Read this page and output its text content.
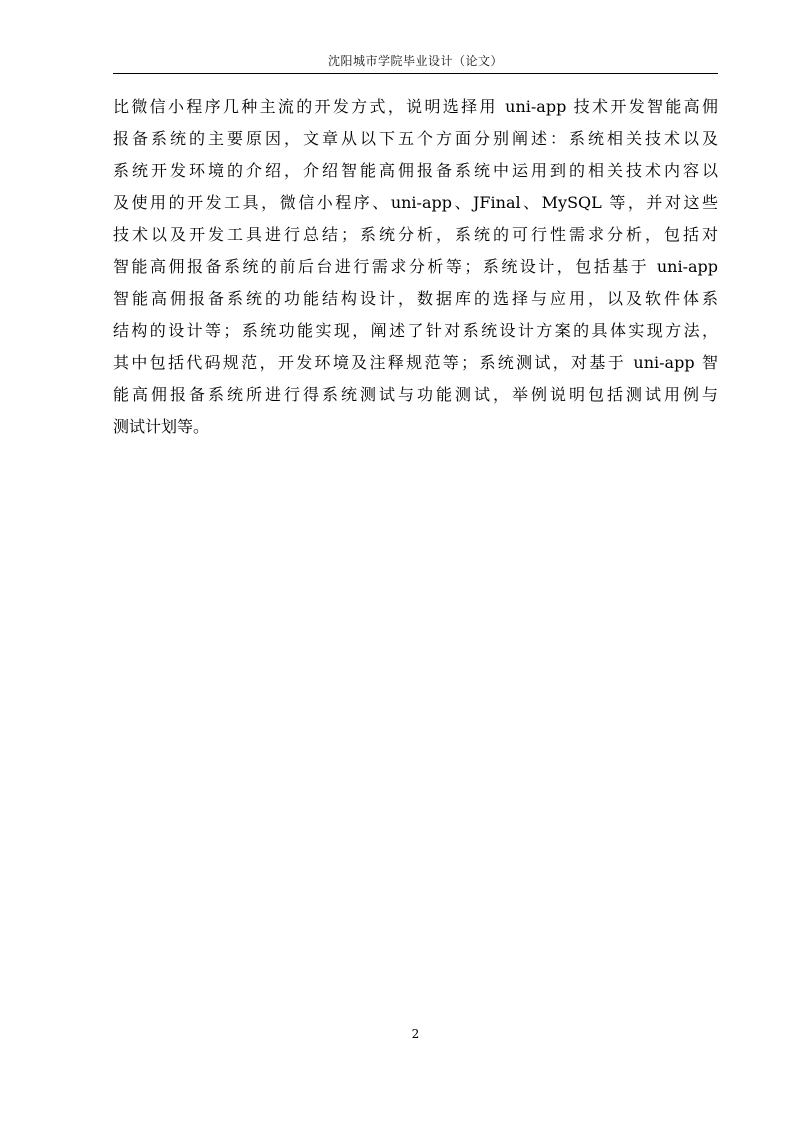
沈阳城市学院毕业设计（论文）
比微信小程序几种主流的开发方式，说明选择用 uni-app 技术开发智能高佣
报备系统的主要原因，文章从以下五个方面分别阐述：系统相关技术以及
系统开发环境的介绍，介绍智能高佣报备系统中运用到的相关技术内容以
及使用的开发工具，微信小程序、uni-app、JFinal、MySQL 等，并对这些
技术以及开发工具进行总结；系统分析，系统的可行性需求分析，包括对
智能高佣报备系统的前后台进行需求分析等；系统设计，包括基于 uni-app
智能高佣报备系统的功能结构设计，数据库的选择与应用，以及软件体系
结构的设计等；系统功能实现，阐述了针对系统设计方案的具体实现方法，
其中包括代码规范，开发环境及注释规范等；系统测试，对基于 uni-app 智
能高佣报备系统所进行得系统测试与功能测试，举例说明包括测试用例与
测试计划等。
2
